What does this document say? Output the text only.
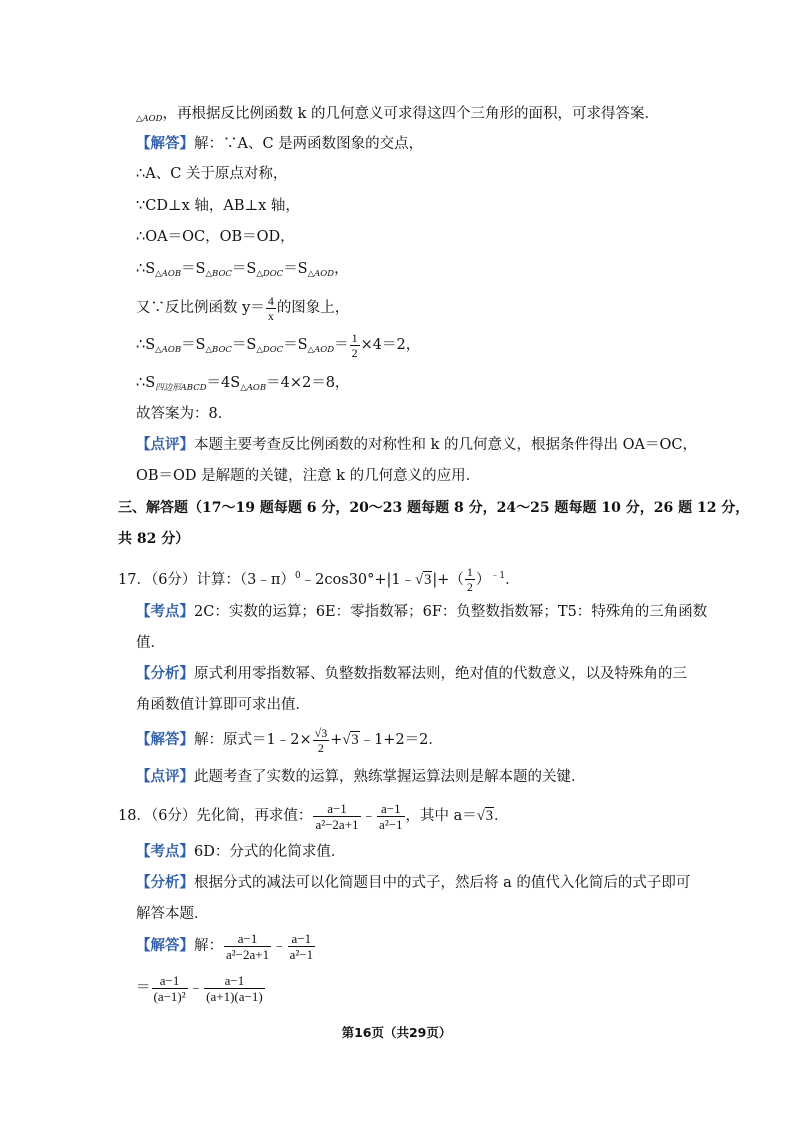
$_{\triangle AOD}$，再根据反比例函数 k 的几何意义可求得这四个三角形的面积，可求得答案．
【解答】解：∵A、C 是两函数图象的交点，
∴A、C 关于原点对称，
∵CD⊥x 轴，AB⊥x 轴，
∴OA＝OC，OB＝OD，
$\therefore S_{\triangle AOB}=S_{\triangle BOC}=S_{\triangle DOC}=S_{\triangle AOD}$，
又∵反比例函数 $y= \frac{4}{x}$ 的图象上，
$\therefore S_{\triangle AOB}=S_{\triangle BOC}=S_{\triangle DOC}=S_{\triangle AOD}= \frac{1}{2} \times 4=2$，
$\therefore S_{四边形ABCD}=4S_{\triangle AOB}=4\times 2=8$，
故答案为：8．
【点评】本题主要考查反比例函数的对称性和 k 的几何意义，根据条件得出 OA＝OC，
OB＝OD 是解题的关键，注意 k 的几何意义的应用．
三、解答题（17～19 题每题 6 分，20～23 题每题 8 分，24～25 题每题 10 分，26 题 12 分，
共 82 分）
17．（6分）计算：（3﹣π）$^0$﹣2cos30°+|1﹣√3|+（ $\frac{1}{2} )^{﹣1}$．
【考点】2C：实数的运算；6E：零指数幂；6F：负整数指数幂；T5：特殊角的三角函数
值．
【分析】原式利用零指数幂、负整数指数幂法则，绝对值的代数意义，以及特殊角的三
角函数值计算即可求出值．
【解答】解：原式＝1﹣2× $\frac{√3}{2}$ +√3﹣1+2＝2．
【点评】此题考查了实数的运算，熟练掌握运算法则是解本题的关键．
18．（6分）先化简，再求值： $\frac{a-1}{\text{a²−2a+1}}$ ﹣ $\frac{a-1}{\text{a²−1}}$ ，其中 a＝√3．
【考点】6D：分式的化简求值．
【分析】根据分式的减法可以化简题目中的式子，然后将 a 的值代入化简后的式子即可
解答本题．
【解答】解： $\frac{a-1}{\text{a²−2a+1}}$ ﹣ $\frac{a-1}{\text{a²−1}}$
＝ $\frac{a-1}{\text{(a−1)²}}$ ﹣ $\frac{a-1}{(a+1)(a-1)}$
第16页（共29页）
